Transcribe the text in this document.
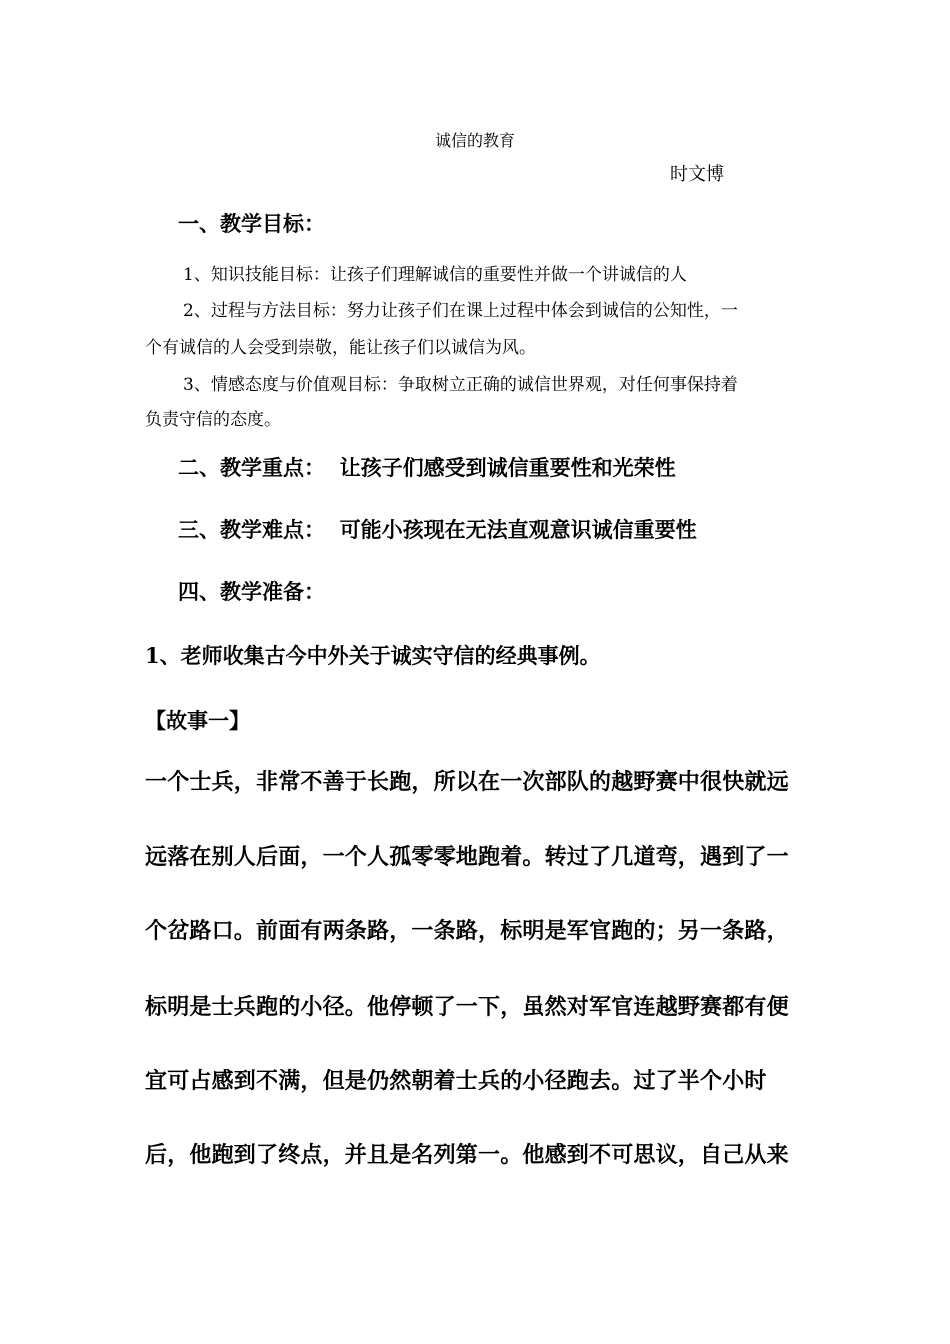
诚信的教育
时文博
一、教学目标：
1、知识技能目标：让孩子们理解诚信的重要性并做一个讲诚信的人
2、过程与方法目标：努力让孩子们在课上过程中体会到诚信的公知性，一
个有诚信的人会受到崇敬，能让孩子们以诚信为风。
3、情感态度与价值观目标：争取树立正确的诚信世界观，对任何事保持着
负责守信的态度。
二、教学重点：  让孩子们感受到诚信重要性和光荣性
三、教学难点：  可能小孩现在无法直观意识诚信重要性
四、教学准备：
1、老师收集古今中外关于诚实守信的经典事例。
【故事一】
一个士兵，非常不善于长跑，所以在一次部队的越野赛中很快就远
远落在别人后面，一个人孤零零地跑着。转过了几道弯，遇到了一
个岔路口。前面有两条路，一条路，标明是军官跑的；另一条路，
标明是士兵跑的小径。他停顿了一下，虽然对军官连越野赛都有便
宜可占感到不满，但是仍然朝着士兵的小径跑去。过了半个小时
后，他跑到了终点，并且是名列第一。他感到不可思议，自己从来
